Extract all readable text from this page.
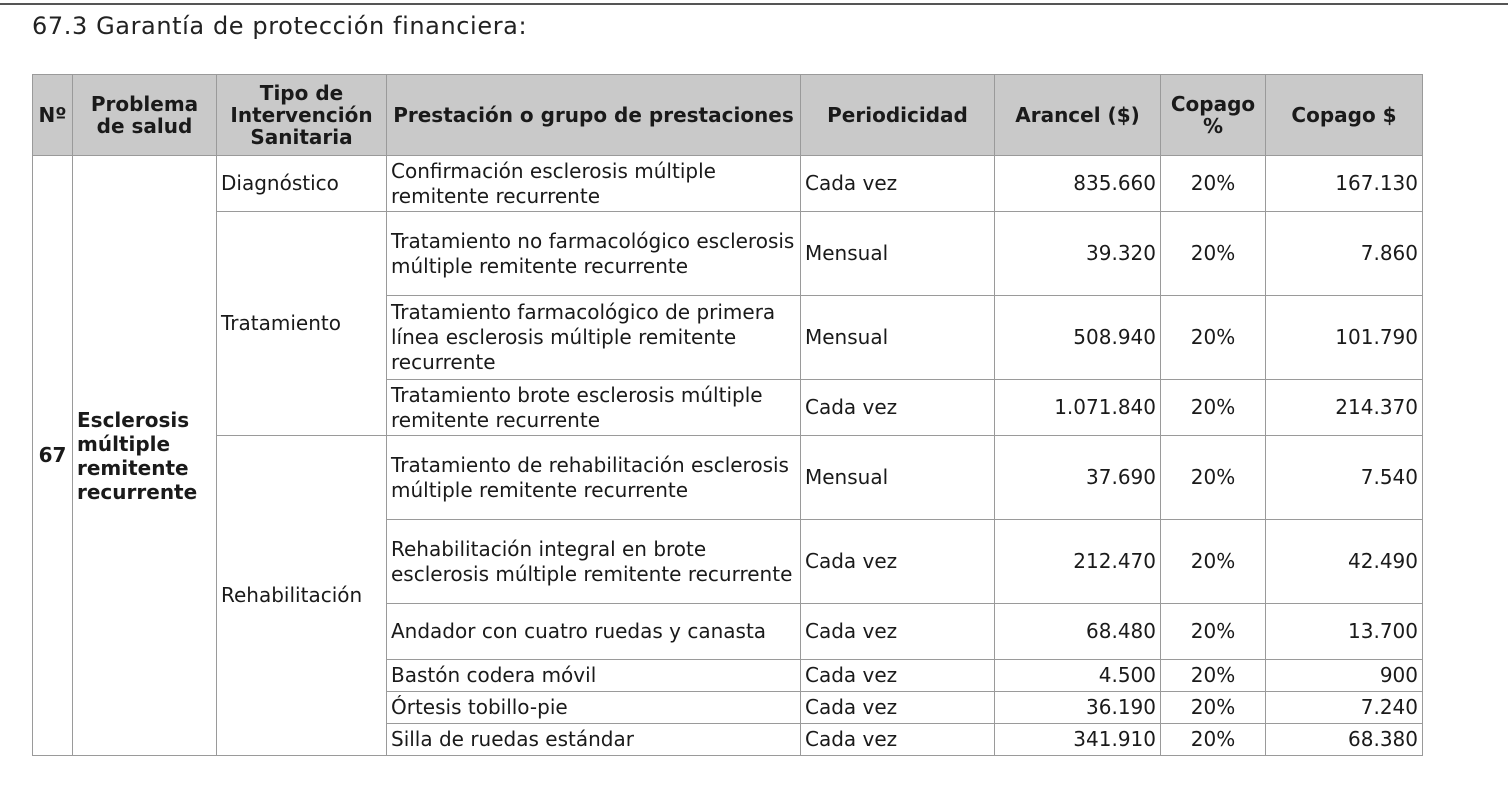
67.3 Garantía de protección financiera:
Nº	Problema de salud	Tipo de Intervención Sanitaria	Prestación o grupo de prestaciones	Periodicidad	Arancel ($)	Copago %	Copago $
67	Esclerosis múltiple remitente recurrente	Diagnóstico	Confirmación esclerosis múltiple remitente recurrente	Cada vez	835.660	20%	167.130
		Tratamiento	Tratamiento no farmacológico esclerosis múltiple remitente recurrente	Mensual	39.320	20%	7.860
			Tratamiento farmacológico de primera línea esclerosis múltiple remitente recurrente	Mensual	508.940	20%	101.790
			Tratamiento brote esclerosis múltiple remitente recurrente	Cada vez	1.071.840	20%	214.370
		Rehabilitación	Tratamiento de rehabilitación esclerosis múltiple remitente recurrente	Mensual	37.690	20%	7.540
			Rehabilitación integral en brote esclerosis múltiple remitente recurrente	Cada vez	212.470	20%	42.490
			Andador con cuatro ruedas y canasta	Cada vez	68.480	20%	13.700
			Bastón codera móvil	Cada vez	4.500	20%	900
			Órtesis tobillo-pie	Cada vez	36.190	20%	7.240
			Silla de ruedas estándar	Cada vez	341.910	20%	68.380
